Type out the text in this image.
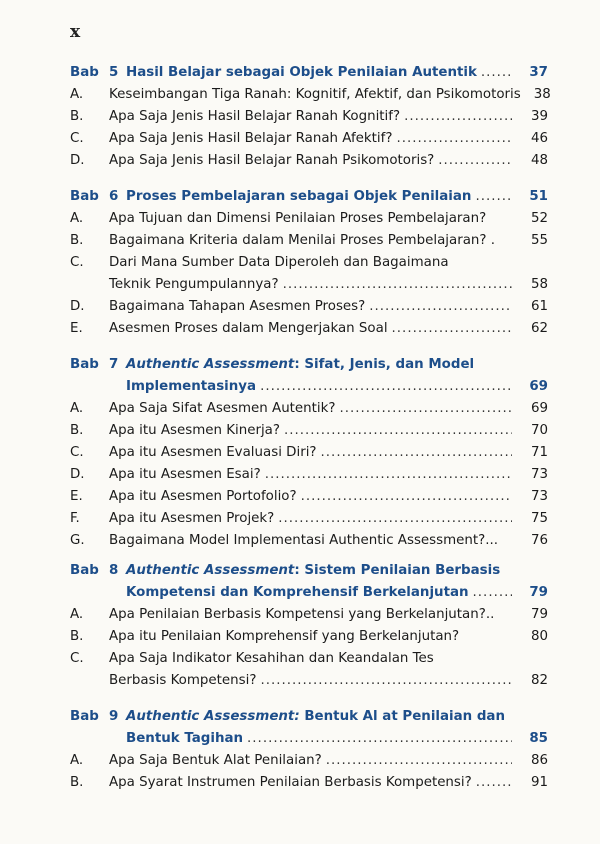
x
Bab 5 Hasil Belajar sebagai Objek Penilaian Autentik .....	37
A.	Keseimbangan Tiga Ranah: Kognitif, Afektif, dan Psikomotoris 38
B.	Apa Saja Jenis Hasil Belajar Ranah Kognitif? .....	39
C.	Apa Saja Jenis Hasil Belajar Ranah Afektif? .....	46
D.	Apa Saja Jenis Hasil Belajar Ranah Psikomotoris? .....	48
Bab 6 Proses Pembelajaran sebagai Objek Penilaian .....	51
A.	Apa Tujuan dan Dimensi Penilaian Proses Pembelajaran?	52
B.	Bagaimana Kriteria dalam Menilai Proses Pembelajaran? .	55
C.	Dari Mana Sumber Data Diperoleh dan Bagaimana
Teknik Pengumpulannya? .....	58
D.	Bagaimana Tahapan Asesmen Proses? .....	61
E.	Asesmen Proses dalam Mengerjakan Soal .....	62
Bab 7 Authentic Assessment: Sifat, Jenis, dan Model
Implementasinya .....	69
A.	Apa Saja Sifat Asesmen Autentik? .....	69
B.	Apa itu Asesmen Kinerja? .....	70
C.	Apa itu Asesmen Evaluasi Diri? .....	71
D.	Apa itu Asesmen Esai? .....	73
E.	Apa itu Asesmen Portofolio? .....	73
F.	Apa itu Asesmen Projek? .....	75
G.	Bagaimana Model Implementasi Authentic Assessment?...	76
Bab 8 Authentic Assessment: Sistem Penilaian Berbasis
Kompetensi dan Komprehensif Berkelanjutan .....	79
A.	Apa Penilaian Berbasis Kompetensi yang Berkelanjutan?..	79
B.	Apa itu Penilaian Komprehensif yang Berkelanjutan?	80
C.	Apa Saja Indikator Kesahihan dan Keandalan Tes
Berbasis Kompetensi? .....	82
Bab 9 Authentic Assessment: Bentuk Al at Penilaian dan
Bentuk Tagihan .....	85
A.	Apa Saja Bentuk Alat Penilaian? .....	86
B.	Apa Syarat Instrumen Penilaian Berbasis Kompetensi? .....	91
